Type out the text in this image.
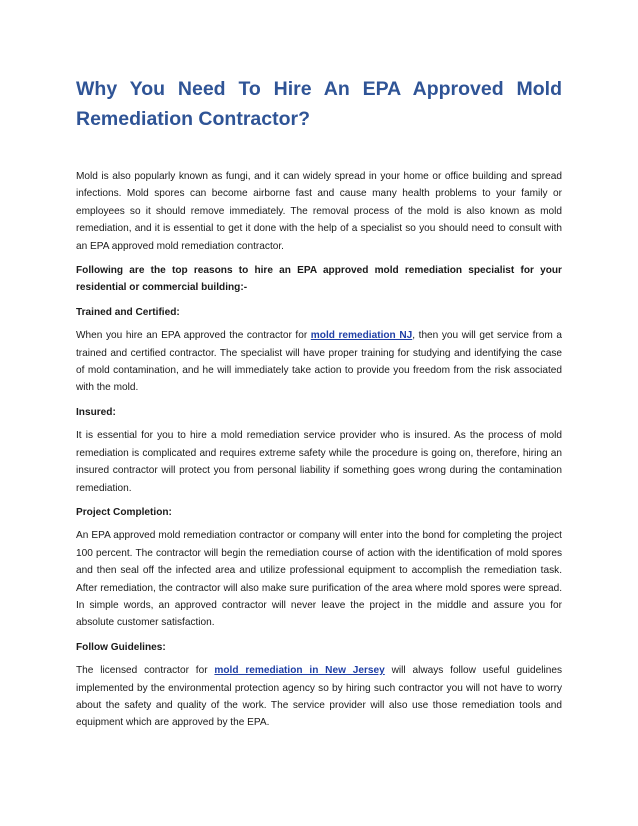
Why You Need To Hire An EPA Approved Mold
Remediation Contractor?

Mold is also popularly known as fungi, and it can widely spread in your home or office building and spread infections. Mold spores can become airborne fast and cause many health problems to your family or employees so it should remove immediately. The removal process of the mold is also known as mold remediation, and it is essential to get it done with the help of a specialist so you should need to consult with an EPA approved mold remediation contractor.

Following are the top reasons to hire an EPA approved mold remediation specialist for your residential or commercial building:-

Trained and Certified:

When you hire an EPA approved the contractor for mold remediation NJ, then you will get service from a trained and certified contractor. The specialist will have proper training for studying and identifying the case of mold contamination, and he will immediately take action to provide you freedom from the risk associated with the mold.

Insured:

It is essential for you to hire a mold remediation service provider who is insured. As the process of mold remediation is complicated and requires extreme safety while the procedure is going on, therefore, hiring an insured contractor will protect you from personal liability if something goes wrong during the contamination remediation.

Project Completion:

An EPA approved mold remediation contractor or company will enter into the bond for completing the project 100 percent. The contractor will begin the remediation course of action with the identification of mold spores and then seal off the infected area and utilize professional equipment to accomplish the remediation task. After remediation, the contractor will also make sure purification of the area where mold spores were spread. In simple words, an approved contractor will never leave the project in the middle and assure you for absolute customer satisfaction.

Follow Guidelines:

The licensed contractor for mold remediation in New Jersey will always follow useful guidelines implemented by the environmental protection agency so by hiring such contractor you will not have to worry about the safety and quality of the work. The service provider will also use those remediation tools and equipment which are approved by the EPA.
